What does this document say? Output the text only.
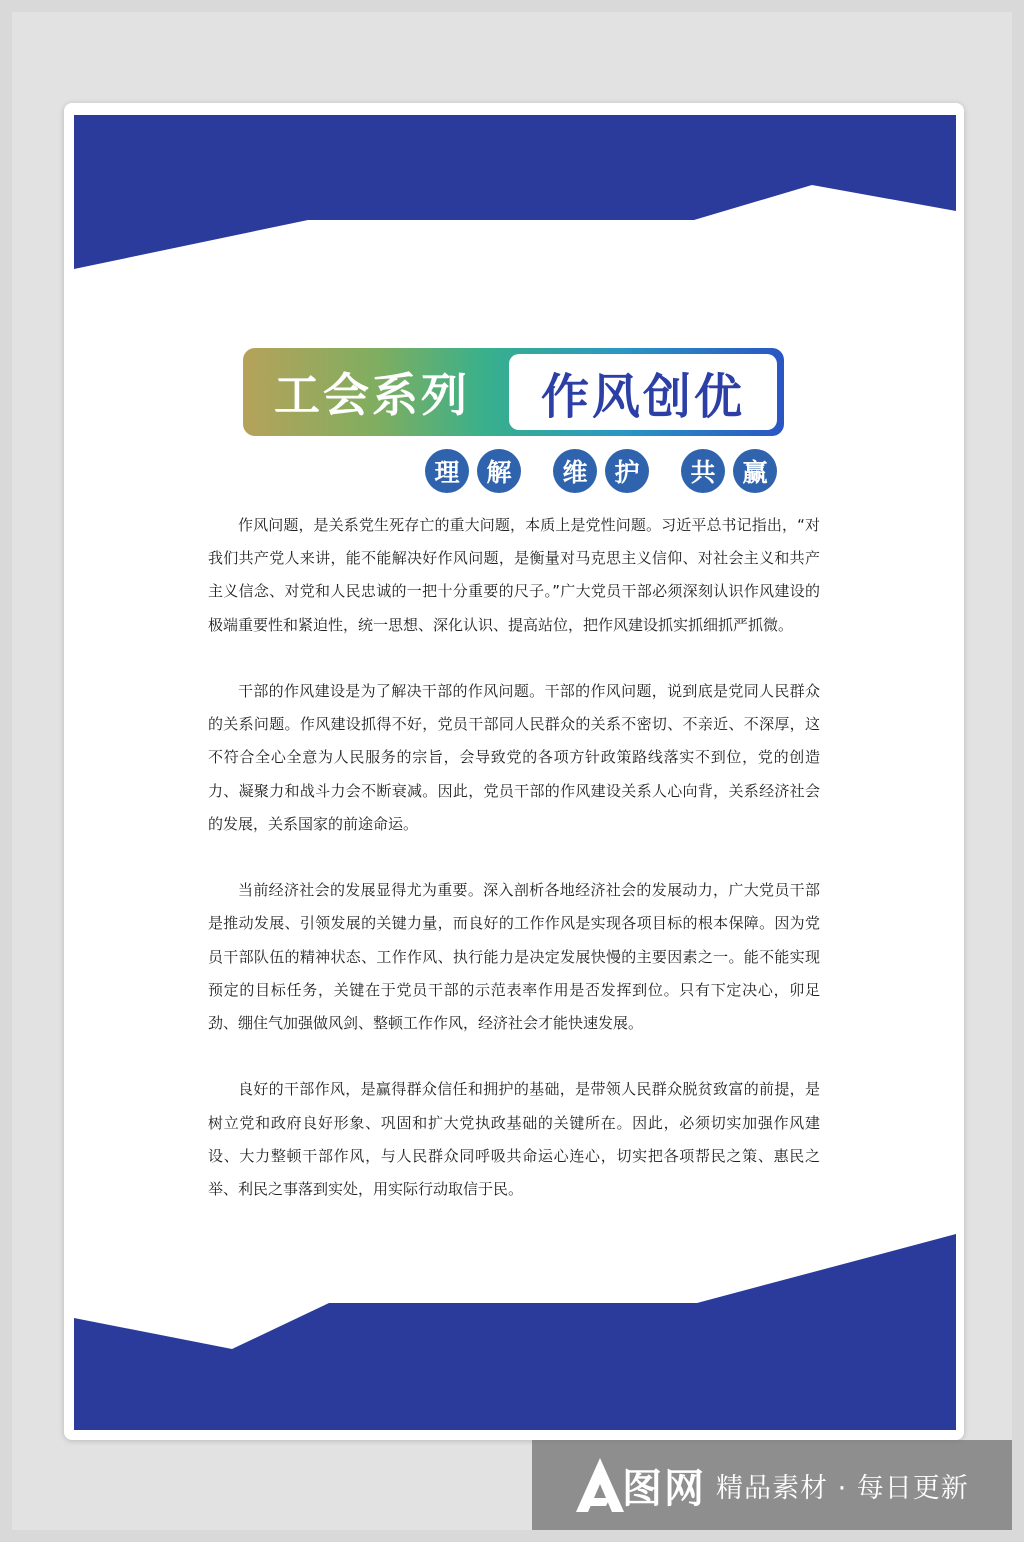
工会系列	作风创优
理	解	维	护	共	赢

作风问题，是关系党生死存亡的重大问题，本质上是党性问题。习近平总书记指出，“对我们共产党人来讲，能不能解决好作风问题，是衡量对马克思主义信仰、对社会主义和共产主义信念、对党和人民忠诚的一把十分重要的尺子。”广大党员干部必须深刻认识作风建设的极端重要性和紧迫性，统一思想、深化认识、提高站位，把作风建设抓实抓细抓严抓微。

干部的作风建设是为了解决干部的作风问题。干部的作风问题，说到底是党同人民群众的关系问题。作风建设抓得不好，党员干部同人民群众的关系不密切、不亲近、不深厚，这不符合全心全意为人民服务的宗旨，会导致党的各项方针政策路线落实不到位，党的创造力、凝聚力和战斗力会不断衰减。因此，党员干部的作风建设关系人心向背，关系经济社会的发展，关系国家的前途命运。

当前经济社会的发展显得尤为重要。深入剖析各地经济社会的发展动力，广大党员干部是推动发展、引领发展的关键力量，而良好的工作作风是实现各项目标的根本保障。因为党员干部队伍的精神状态、工作作风、执行能力是决定发展快慢的主要因素之一。能不能实现预定的目标任务，关键在于党员干部的示范表率作用是否发挥到位。只有下定决心，卯足劲、绷住气加强做风剑、整顿工作作风，经济社会才能快速发展。

良好的干部作风，是赢得群众信任和拥护的基础，是带领人民群众脱贫致富的前提，是树立党和政府良好形象、巩固和扩大党执政基础的关键所在。因此，必须切实加强作风建设、大力整顿干部作风，与人民群众同呼吸共命运心连心，切实把各项帮民之策、惠民之举、利民之事落到实处，用实际行动取信于民。

图网 精品素材 · 每日更新
